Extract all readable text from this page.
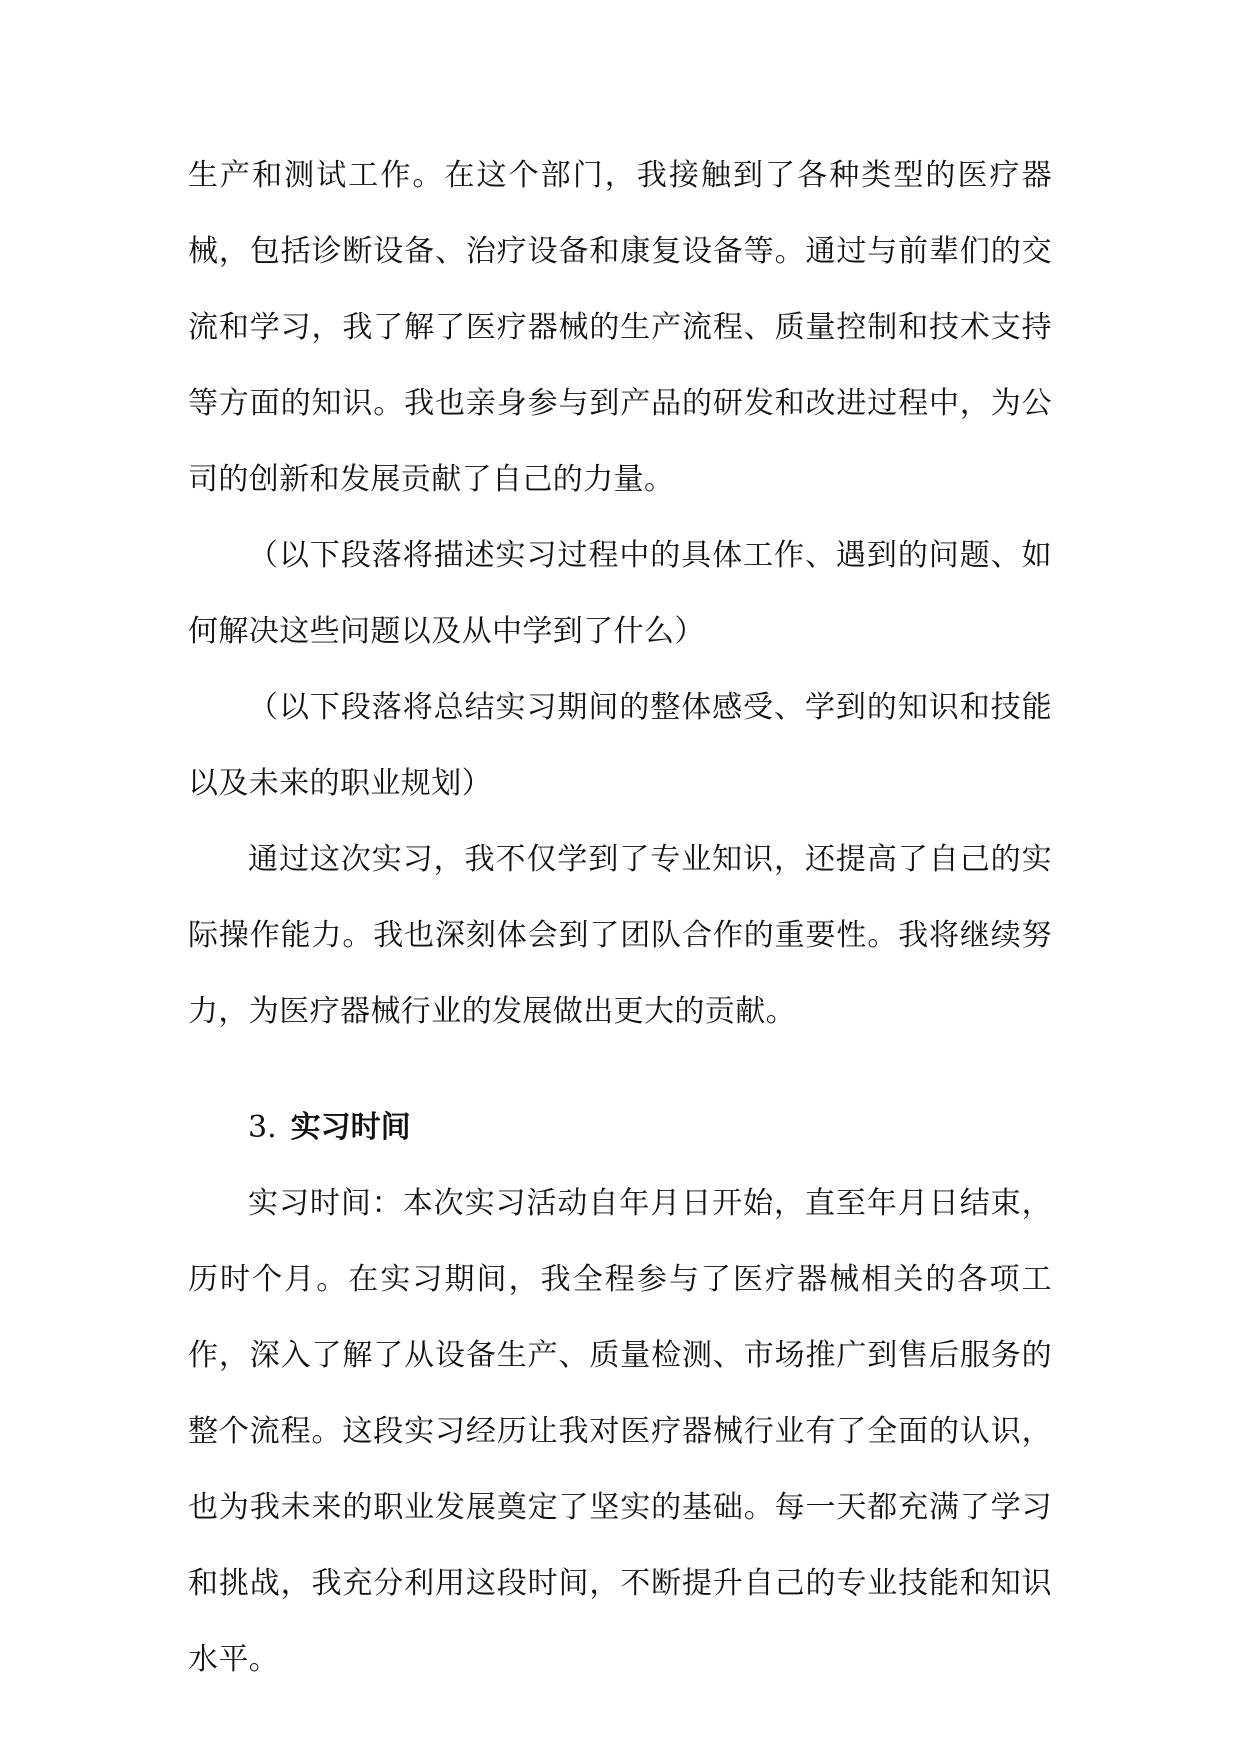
生产和测试工作。在这个部门，我接触到了各种类型的医疗器械，包括诊断设备、治疗设备和康复设备等。通过与前辈们的交流和学习，我了解了医疗器械的生产流程、质量控制和技术支持等方面的知识。我也亲身参与到产品的研发和改进过程中，为公司的创新和发展贡献了自己的力量。

（以下段落将描述实习过程中的具体工作、遇到的问题、如何解决这些问题以及从中学到了什么）

（以下段落将总结实习期间的整体感受、学到的知识和技能以及未来的职业规划）

通过这次实习，我不仅学到了专业知识，还提高了自己的实际操作能力。我也深刻体会到了团队合作的重要性。我将继续努力，为医疗器械行业的发展做出更大的贡献。

3. 实习时间

实习时间：本次实习活动自年月日开始，直至年月日结束，历时个月。在实习期间，我全程参与了医疗器械相关的各项工作，深入了解了从设备生产、质量检测、市场推广到售后服务的整个流程。这段实习经历让我对医疗器械行业有了全面的认识，也为我未来的职业发展奠定了坚实的基础。每一天都充满了学习和挑战，我充分利用这段时间，不断提升自己的专业技能和知识水平。
